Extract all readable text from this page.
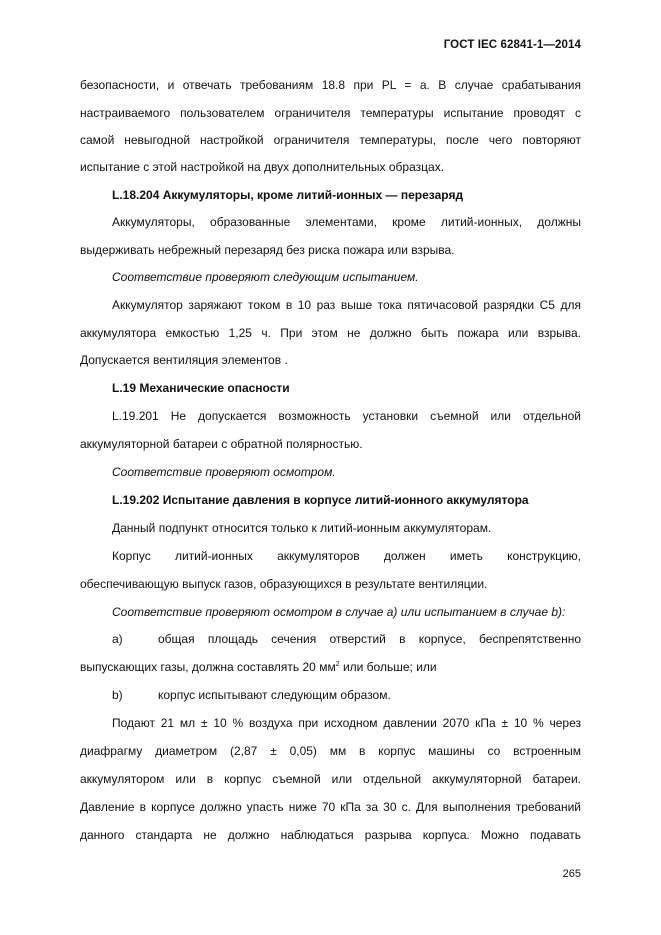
ГОСТ IEC 62841-1—2014
безопасности, и отвечать требованиям 18.8 при PL = a. В случае срабатывания
настраиваемого пользователем ограничителя температуры испытание проводят с
самой невыгодной настройкой ограничителя температуры, после чего повторяют
испытание с этой настройкой на двух дополнительных образцах.
L.18.204 Аккумуляторы, кроме литий-ионных — перезаряд
Аккумуляторы, образованные элементами, кроме литий-ионных, должны
выдерживать небрежный перезаряд без риска пожара или взрыва.
Соответствие проверяют следующим испытанием.
Аккумулятор заряжают током в 10 раз выше тока пятичасовой разрядки С5 для
аккумулятора емкостью 1,25 ч. При этом не должно быть пожара или взрыва.
Допускается вентиляция элементов .
L.19 Механические опасности
L.19.201 Не допускается возможность установки съемной или отдельной
аккумуляторной батареи с обратной полярностью.
Соответствие проверяют осмотром.
L.19.202 Испытание давления в корпусе литий-ионного аккумулятора
Данный подпункт относится только к литий-ионным аккумуляторам.
Корпус литий-ионных аккумуляторов должен иметь конструкцию,
обеспечивающую выпуск газов, образующихся в результате вентиляции.
Соответствие проверяют осмотром в случае а) или испытанием в случае b):
а)	общая площадь сечения отверстий в корпусе, беспрепятственно
выпускающих газы, должна составлять 20 $мм^2$ или больше; или
b)	корпус испытывают следующим образом.
Подают 21 мл ± 10 % воздуха при исходном давлении 2070 кПа ± 10 % через
диафрагму диаметром (2,87 ± 0,05) мм в корпус машины со встроенным
аккумулятором или в корпус съемной или отдельной аккумуляторной батареи.
Давление в корпусе должно упасть ниже 70 кПа за 30 с. Для выполнения требований
данного стандарта не должно наблюдаться разрыва корпуса. Можно подавать
265
